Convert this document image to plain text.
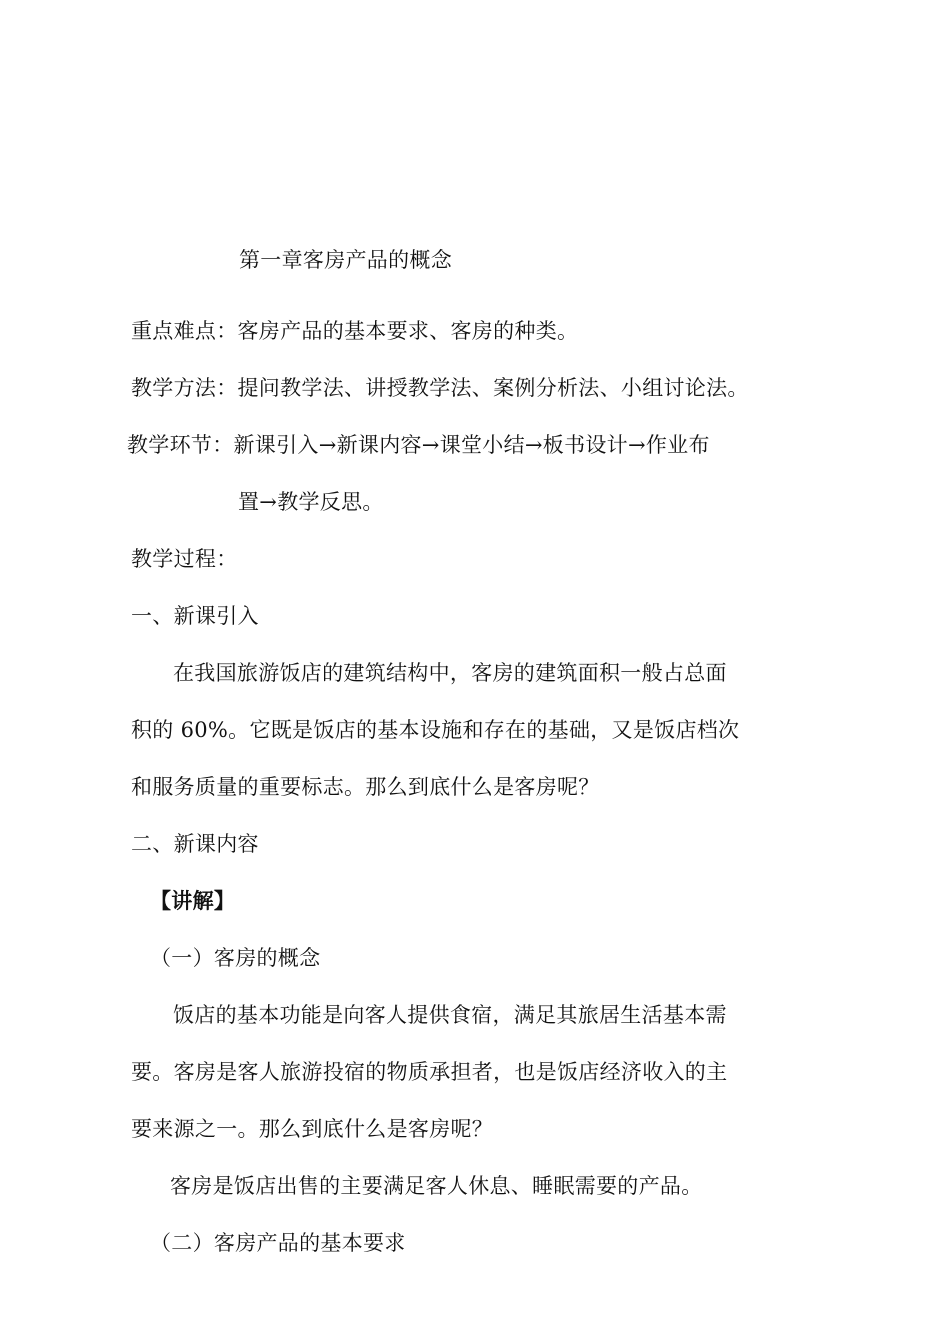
第一章客房产品的概念
重点难点：客房产品的基本要求、客房的种类。
教学方法：提问教学法、讲授教学法、案例分析法、小组讨论法。
教学环节：新课引入→新课内容→课堂小结→板书设计→作业布
置→教学反思。
教学过程：
一、新课引入
在我国旅游饭店的建筑结构中，客房的建筑面积一般占总面
积的 60%。它既是饭店的基本设施和存在的基础，又是饭店档次
和服务质量的重要标志。那么到底什么是客房呢？
二、新课内容
【讲解】
（一）客房的概念
饭店的基本功能是向客人提供食宿，满足其旅居生活基本需
要。客房是客人旅游投宿的物质承担者，也是饭店经济收入的主
要来源之一。那么到底什么是客房呢？
客房是饭店出售的主要满足客人休息、睡眠需要的产品。
（二）客房产品的基本要求
